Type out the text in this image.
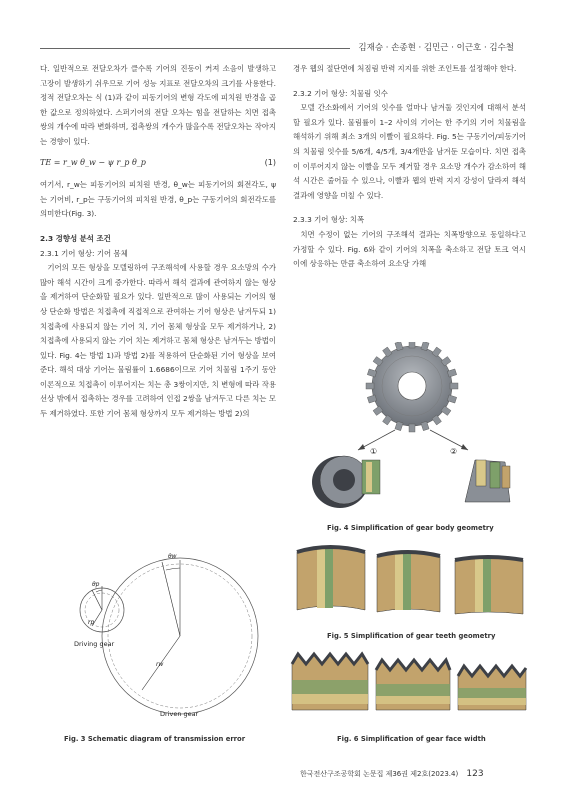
김재승 · 손종현 · 김민근 · 이근호 · 김수철

다. 일반적으로 전달오차가 클수록 기어의 진동이 커져 소음이 발생하고 고장이 발생하기 쉬우므로 기어 성능 지표로 전달오차의 크기를 사용한다. 정적 전달오차는 식 (1)과 같이 피동기어의 변형 각도에 피치원 반경을 곱한 값으로 정의하였다. 스퍼기어의 전달 오차는 힘을 전달하는 치면 접촉쌍의 개수에 따라 변화하며, 접촉쌍의 개수가 많을수록 전달오차는 작아지는 경향이 있다.

TE = r_w θ_w − ψ r_p θ_p	(1)

여기서, r_w는 피동기어의 피치원 반경, θ_w는 피동기어의 회전각도, ψ는 기어비, r_p는 구동기어의 피치원 반경, θ_p는 구동기어의 회전각도를 의미한다(Fig. 3).

2.3 경향성 분석 조건

2.3.1 기어 형상: 기어 몸체

기어의 모든 형상을 모델링하여 구조해석에 사용할 경우 요소망의 수가 많아 해석 시간이 크게 증가한다. 따라서 해석 결과에 관여하지 않는 형상을 제거하여 단순화할 필요가 있다. 일반적으로 많이 사용되는 기어의 형상 단순화 방법은 치접촉에 직접적으로 관여하는 기어 형상은 남겨두되 1) 치접촉에 사용되지 않는 기어 치, 기어 몸체 형상을 모두 제거하거나, 2) 치접촉에 사용되지 않는 기어 치는 제거하고 몸체 형상은 남겨두는 방법이 있다. Fig. 4는 방법 1)과 방법 2)를 적용하여 단순화된 기어 형상을 보여준다. 해석 대상 기어는 물림률이 1.6686이므로 기어 치물림 1주기 동안 이론적으로 치접촉이 이루어지는 치는 총 3쌍이지만, 치 변형에 따라 작용선상 밖에서 접촉하는 경우를 고려하여 인접 2쌍을 남겨두고 다른 치는 모두 제거하였다. 또한 기어 몸체 형상까지 모두 제거하는 방법 2)의

경우 웹의 절단면에 처짐림 반력 지지를 위한 조인트를 설정해야 한다.

2.3.2 기어 형상: 치물림 잇수

모델 간소화에서 기어의 잇수를 얼마나 남겨둘 것인지에 대해서 분석할 필요가 있다. 물림률이 1–2 사이의 기어는 한 주기의 기어 치물림을 해석하기 위해 최소 3개의 이빨이 필요하다. Fig. 5는 구동기어/피동기어의 치물림 잇수를 5/6개, 4/5개, 3/4개만을 남겨둔 모습이다. 치면 접촉이 이루어지지 않는 이빨을 모두 제거할 경우 요소망 개수가 감소하여 해석 시간은 줄어들 수 있으나, 이빨과 웹의 반력 지지 강성이 달라져 해석 결과에 영향을 미칠 수 있다.

2.3.3 기어 형상: 치폭

치면 수정이 없는 기어의 구조해석 결과는 치폭방향으로 동일하다고 가정할 수 있다. Fig. 6와 같이 기어의 치폭을 축소하고 전달 토크 역시 이에 상응하는 만큼 축소하여 요소당 가해

①	②
Fig. 4 Simplification of gear body geometry
Fig. 5 Simplification of gear teeth geometry
Fig. 6 Simplification of gear face width
θp
θw
rp
rw
Driving gear
Driven gear
Fig. 3 Schematic diagram of transmission error
한국전산구조공학회 논문집 제36권 제2호(2023.4) 123
